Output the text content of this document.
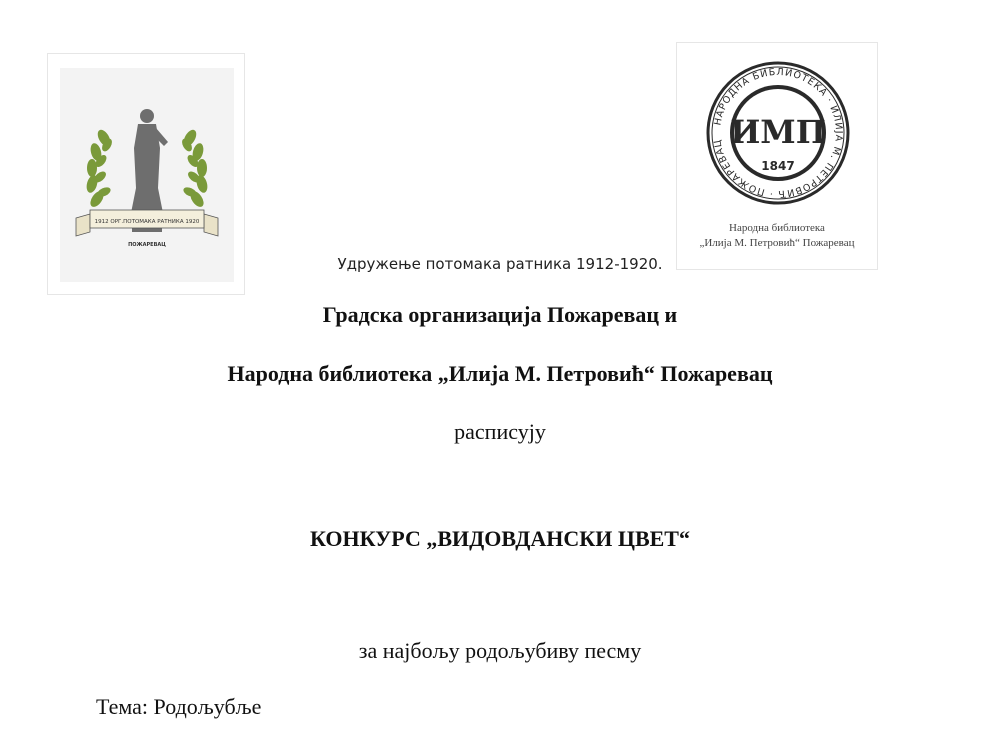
1912 ОРГ.ПОТОМАКА РАТНИКА 1920
ПОЖАРЕВАЦ
НАРОДНА БИБЛИОТЕКА · ИЛИЈА М. ПЕТРОВИЋ · ПОЖАРЕВАЦ ИМП
1847
Народна библиотека
„Илија М. Петровић“ Пожаревац
Удружење потомака ратника 1912-1920.
Градска организација Пожаревац и
Народна библиотека „Илија М. Петровић“ Пожаревац
расписују
КОНКУРС „ВИДОВДАНСКИ ЦВЕТ“
за најбољу родољубиву песму
Тема: Родољубље
